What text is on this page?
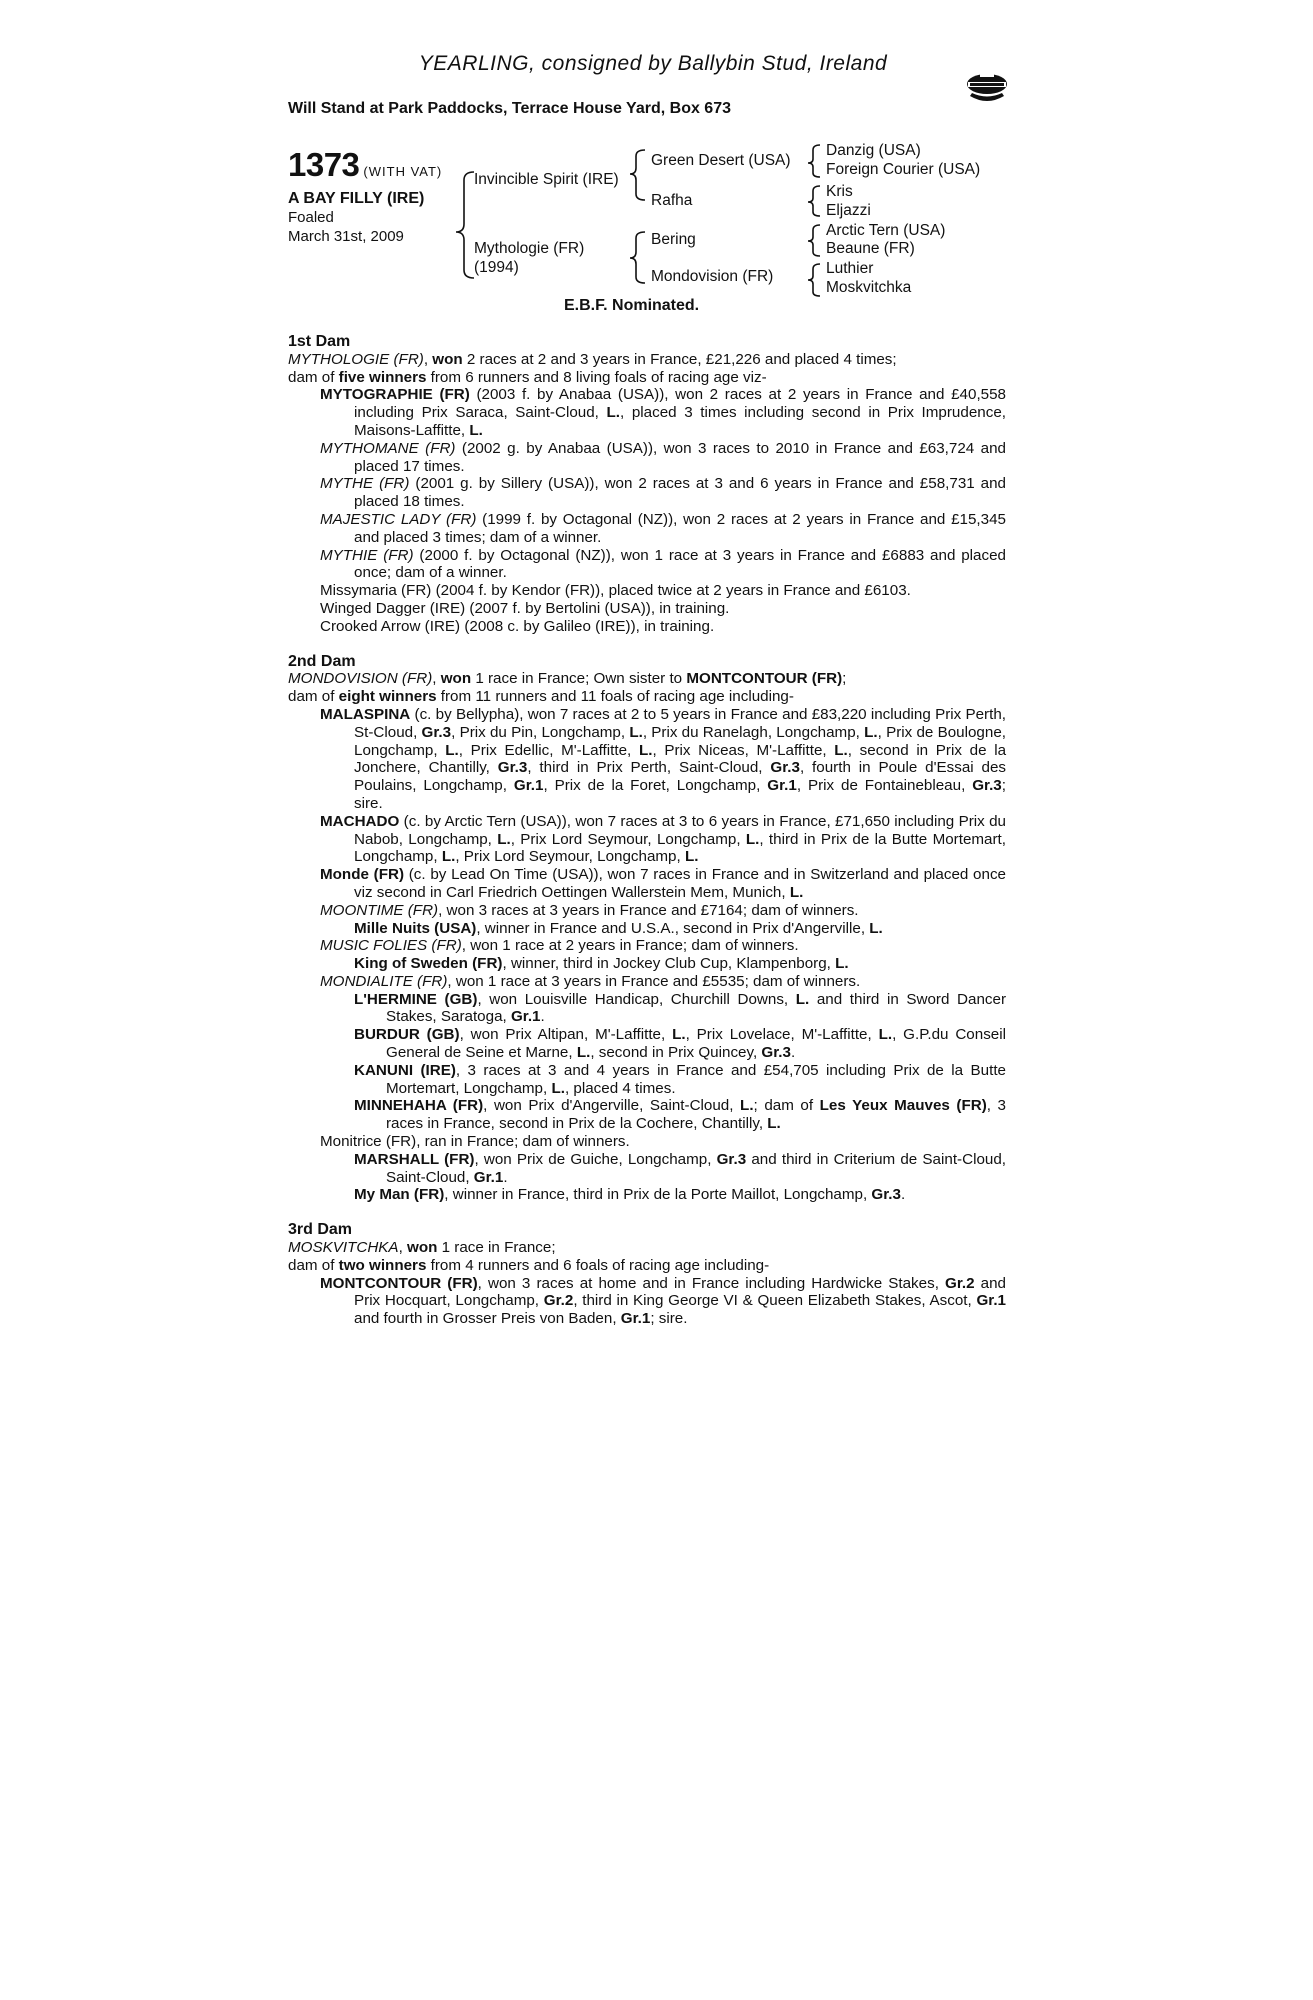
YEARLING, consigned by Ballybin Stud, Ireland
Will Stand at Park Paddocks, Terrace House Yard, Box 673
1373 (WITH VAT)
A BAY FILLY (IRE)
Foaled
March 31st, 2009
Invincible Spirit (IRE)
Mythologie (FR)
(1994)
Green Desert (USA)
Rafha
Bering
Mondovision (FR)
Danzig (USA)
Foreign Courier (USA)
Kris
Eljazzi
Arctic Tern (USA)
Beaune (FR)
Luthier
Moskvitchka
E.B.F. Nominated.
1st Dam

MYTHOLOGIE (FR), won 2 races at 2 and 3 years in France, £21,226 and placed 4 times;

dam of five winners from 6 runners and 8 living foals of racing age viz-

MYTOGRAPHIE (FR) (2003 f. by Anabaa (USA)), won 2 races at 2 years in France and £40,558 including Prix Saraca, Saint-Cloud, L., placed 3 times including second in Prix Imprudence, Maisons-Laffitte, L.

MYTHOMANE (FR) (2002 g. by Anabaa (USA)), won 3 races to 2010 in France and £63,724 and placed 17 times.

MYTHE (FR) (2001 g. by Sillery (USA)), won 2 races at 3 and 6 years in France and £58,731 and placed 18 times.

MAJESTIC LADY (FR) (1999 f. by Octagonal (NZ)), won 2 races at 2 years in France and £15,345 and placed 3 times; dam of a winner.

MYTHIE (FR) (2000 f. by Octagonal (NZ)), won 1 race at 3 years in France and £6883 and placed once; dam of a winner.

Missymaria (FR) (2004 f. by Kendor (FR)), placed twice at 2 years in France and £6103.

Winged Dagger (IRE) (2007 f. by Bertolini (USA)), in training.

Crooked Arrow (IRE) (2008 c. by Galileo (IRE)), in training.

2nd Dam

MONDOVISION (FR), won 1 race in France; Own sister to MONTCONTOUR (FR);

dam of eight winners from 11 runners and 11 foals of racing age including-

MALASPINA (c. by Bellypha), won 7 races at 2 to 5 years in France and £83,220 including Prix Perth, St-Cloud, Gr.3, Prix du Pin, Longchamp, L., Prix du Ranelagh, Longchamp, L., Prix de Boulogne, Longchamp, L., Prix Edellic, M'-Laffitte, L., Prix Niceas, M'-Laffitte, L., second in Prix de la Jonchere, Chantilly, Gr.3, third in Prix Perth, Saint-Cloud, Gr.3, fourth in Poule d'Essai des Poulains, Longchamp, Gr.1, Prix de la Foret, Longchamp, Gr.1, Prix de Fontainebleau, Gr.3; sire.

MACHADO (c. by Arctic Tern (USA)), won 7 races at 3 to 6 years in France, £71,650 including Prix du Nabob, Longchamp, L., Prix Lord Seymour, Longchamp, L., third in Prix de la Butte Mortemart, Longchamp, L., Prix Lord Seymour, Longchamp, L.

Monde (FR) (c. by Lead On Time (USA)), won 7 races in France and in Switzerland and placed once viz second in Carl Friedrich Oettingen Wallerstein Mem, Munich, L.

MOONTIME (FR), won 3 races at 3 years in France and £7164; dam of winners.

Mille Nuits (USA), winner in France and U.S.A., second in Prix d'Angerville, L.

MUSIC FOLIES (FR), won 1 race at 2 years in France; dam of winners.

King of Sweden (FR), winner, third in Jockey Club Cup, Klampenborg, L.

MONDIALITE (FR), won 1 race at 3 years in France and £5535; dam of winners.

L'HERMINE (GB), won Louisville Handicap, Churchill Downs, L. and third in Sword Dancer Stakes, Saratoga, Gr.1.

BURDUR (GB), won Prix Altipan, M'-Laffitte, L., Prix Lovelace, M'-Laffitte, L., G.P.du Conseil General de Seine et Marne, L., second in Prix Quincey, Gr.3.

KANUNI (IRE), 3 races at 3 and 4 years in France and £54,705 including Prix de la Butte Mortemart, Longchamp, L., placed 4 times.

MINNEHAHA (FR), won Prix d'Angerville, Saint-Cloud, L.; dam of Les Yeux Mauves (FR), 3 races in France, second in Prix de la Cochere, Chantilly, L.

Monitrice (FR), ran in France; dam of winners.

MARSHALL (FR), won Prix de Guiche, Longchamp, Gr.3 and third in Criterium de Saint-Cloud, Saint-Cloud, Gr.1.

My Man (FR), winner in France, third in Prix de la Porte Maillot, Longchamp, Gr.3.

3rd Dam

MOSKVITCHKA, won 1 race in France;

dam of two winners from 4 runners and 6 foals of racing age including-

MONTCONTOUR (FR), won 3 races at home and in France including Hardwicke Stakes, Gr.2 and Prix Hocquart, Longchamp, Gr.2, third in King George VI & Queen Elizabeth Stakes, Ascot, Gr.1 and fourth in Grosser Preis von Baden, Gr.1; sire.
